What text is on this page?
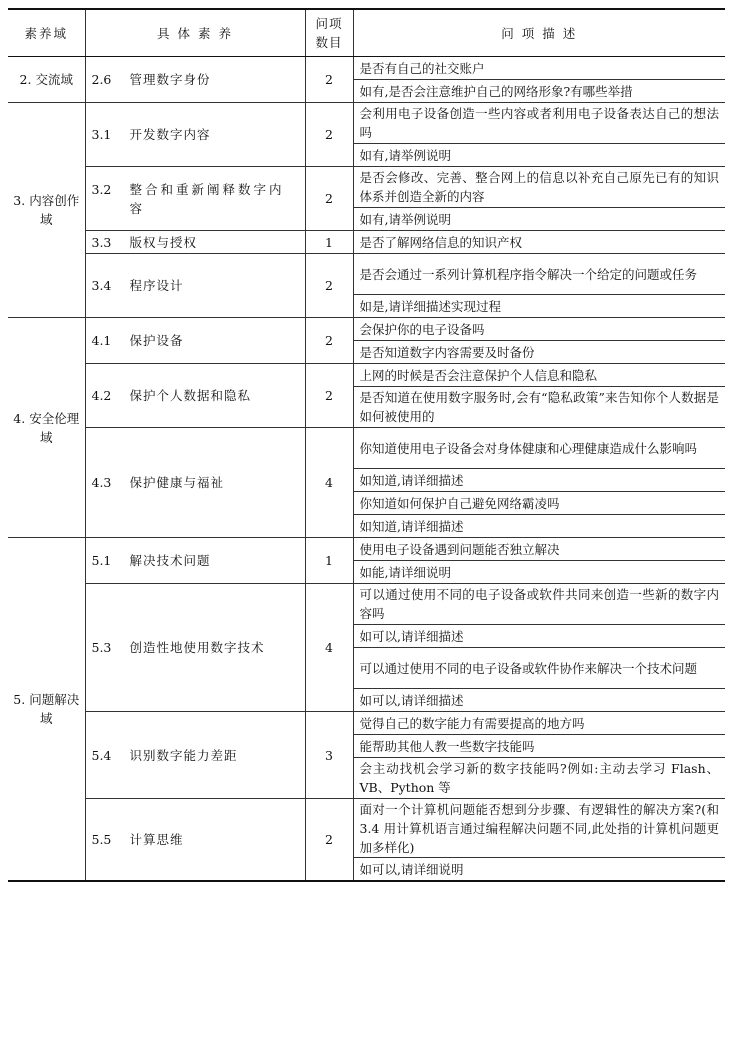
素养域	具 体 素 养	问项
数目	问 项 描 述
2. 交流域	2.6 管理数字身份	2	是否有自己的社交账户
			如有,是否会注意维护自己的网络形象?有哪些举措
3. 内容创作域	3.1 开发数字内容	2	会利用电子设备创造一些内容或者利用电子设备表达自己的想法吗
			如有,请举例说明
	3.2 整合和重新阐释数字内容	2	是否会修改、完善、整合网上的信息以补充自己原先已有的知识体系并创造全新的内容
			如有,请举例说明
	3.3 版权与授权	1	是否了解网络信息的知识产权
	3.4 程序设计	2	是否会通过一系列计算机程序指令解决一个给定的问题或任务
			如是,请详细描述实现过程
4. 安全伦理域	4.1 保护设备	2	会保护你的电子设备吗
			是否知道数字内容需要及时备份
	4.2 保护个人数据和隐私	2	上网的时候是否会注意保护个人信息和隐私
			是否知道在使用数字服务时,会有“隐私政策”来告知你个人数据是如何被使用的
	4.3 保护健康与福祉	4	你知道使用电子设备会对身体健康和心理健康造成什么影响吗
			如知道,请详细描述
			你知道如何保护自己避免网络霸凌吗
			如知道,请详细描述
5. 问题解决域	5.1 解决技术问题	1	使用电子设备遇到问题能否独立解决
			如能,请详细说明
	5.3 创造性地使用数字技术	4	可以通过使用不同的电子设备或软件共同来创造一些新的数字内容吗
			如可以,请详细描述
			可以通过使用不同的电子设备或软件协作来解决一个技术问题
			如可以,请详细描述
	5.4 识别数字能力差距	3	觉得自己的数字能力有需要提高的地方吗
			能帮助其他人教一些数字技能吗
			会主动找机会学习新的数字技能吗?例如:主动去学习 Flash、VB、Python 等
	5.5 计算思维	2	面对一个计算机问题能否想到分步骤、有逻辑性的解决方案?(和 3.4 用计算机语言通过编程解决问题不同,此处指的计算机问题更加多样化)
			如可以,请详细说明
